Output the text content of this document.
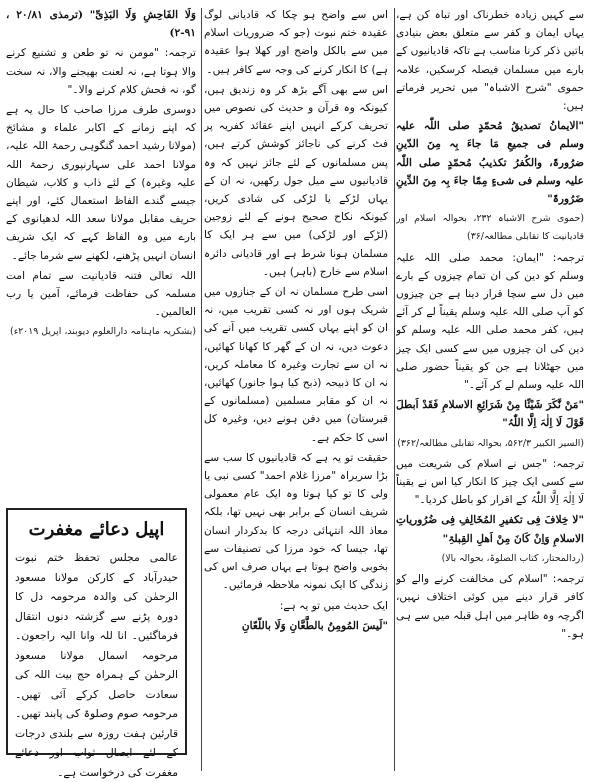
سے کہیں زیادہ خطرناک اور تباہ کن ہے، یہاں ایمان و کفر سے متعلق بعض بنیادی باتیں ذکر کرنا مناسب ہے تاکہ قادیانیوں کے بارے میں مسلمان فیصلہ کرسکیں، علامہ حموی "شرح الاشباہ" میں تحریر فرماتے ہیں:

"الایمانُ تصدیقُ مُحمّدٍ صلی اللّٰہ علیہ وسلم فی جمیعِ مَا جاءَ بِہ مِنَ الدّینِ ضرُورۃً، والکُفرُ تکذیبُ مُحمّدٍ صلی اللّٰہ علیہ وسلم فی شیءٍ مِمّا جاءَ بِہ مِنَ الدِّینِ ضَرُورۃً"

(حموی شرح الاشباہ ۲۳۲، بحوالہ اسلام اور قادیانیت کا تقابلی مطالعہ/۳۶)

ترجمہ: "ایمان: محمد صلی اللہ علیہ وسلم کو دین کی ان تمام چیزوں کے بارے میں دل سے سچا قرار دینا ہے جن چیزوں کو آپ صلی اللہ علیہ وسلم یقیناً لے کر آئے ہیں، کفر محمد صلی اللہ علیہ وسلم کو دین کی ان چیزوں میں سے کسی ایک چیز میں جھٹلانا ہے جن کو یقیناً حضور صلی اللہ علیہ وسلم لے کر آئے۔"

"مَنْ نَّکَرَ شَیْئًا مِنْ شَرَائِعِ الاسلامِ فَقَدْ اَبطلَ قَوْلَ لَا اِلٰہَ اِلَّا اللّٰہُ"

(السیر الکبیر ۵۶۲/۳، بحوالہ تقابلی مطالعہ/۳۶۲)

ترجمہ: "جس نے اسلام کی شریعت میں سے کسی ایک چیز کا انکار کیا اس نے یقیناً لَا اِلٰہَ اِلَّا اللّٰہُ کے اقرار کو باطل کردیا۔"

"لا خِلافَ فِی تکفیرِ المُخَالِفِ فِی ضُرُوریاتِ الاسلامِ وَاِنْ کَانَ مِنْ اَھلِ القِبلۃِ"

(ردالمحتار، کتاب الصلوۃ، بحوالہ بالا)

ترجمہ: "اسلام کی مخالفت کرنے والے کو کافر قرار دینے میں کوئی اختلاف نہیں، اگرچہ وہ ظاہر میں اہل قبلہ میں سے ہی ہو۔"

اس سے واضح ہو چکا کہ قادیانی لوگ عقیدہ ختم نبوت (جو کہ ضروریات اسلام میں سے بالکل واضح اور کھلا ہوا عقیدہ ہے) کا انکار کرنے کی وجہ سے کافر ہیں۔

اس سے بھی آگے بڑھ کر وہ زندیق ہیں، کیونکہ وہ قرآن و حدیث کی نصوص میں تحریف کرکے انہیں اپنے عقائد کفریہ پر فٹ کرنے کی ناجائز کوشش کرتے ہیں، پس مسلمانوں کے لئے جائز نہیں کہ وہ قادیانیوں سے میل جول رکھیں، نہ ان کے یہاں لڑکے یا لڑکی کی شادی کریں، کیونکہ نکاح صحیح ہونے کے لئے زوجین (لڑکے اور لڑکی) میں سے ہر ایک کا مسلمان ہونا شرط ہے اور قادیانی دائرہ اسلام سے خارج (باہر) ہیں۔

اسی طرح مسلمان نہ ان کے جنازوں میں شریک ہوں اور نہ کسی تقریب میں، نہ ان کو اپنے یہاں کسی تقریب میں آنے کی دعوت دیں، نہ ان کے گھر کا کھانا کھائیں، نہ ان سے تجارت وغیرہ کا معاملہ کریں، نہ ان کا ذبیحہ (ذبح کیا ہوا جانور) کھائیں، نہ ان کو مقابر مسلمین (مسلمانوں کے قبرستان) میں دفن ہونے دیں، وغیرہ کل اسی کا حکم ہے۔

حقیقت تو یہ ہے کہ قادیانیوں کا سب سے بڑا سربراہ "مرزا غلام احمد" کسی نبی یا ولی کا تو کیا ہوتا وہ ایک عام معمولی شریف انسان کے برابر بھی نہیں تھا، بلکہ معاذ اللہ انتہائی درجہ کا بدکردار انسان تھا، جیسا کہ خود مرزا کی تصنیفات سے بخوبی واضح ہوتا ہے یہاں صرف اس کی زندگی کا ایک نمونہ ملاحظہ فرمائیں۔

ایک حدیث میں تو یہ ہے:

"لَیسَ المُومِنُ بالطَّعَّانِ وَلَا باللّعّانِ

وَلَا الفَاحِشِ وَلَا البَذِیِّ" (ترمذی ۲۰/۸۱ ، ۹۱-۲)

ترجمہ: "مومن نہ تو طعن و تشنیع کرنے والا ہوتا ہے، نہ لعنت بھیجنے والا، نہ سخت گو، نہ فحش کلام کرنے والا۔"

دوسری طرف مرزا صاحب کا حال یہ ہے کہ اپنے زمانے کے اکابر علماء و مشائخ (مولانا رشید احمد گنگوہی رحمۃ اللہ علیہ، مولانا احمد علی سہارنپوری رحمۃ اللہ علیہ وغیرہ) کے لئے ذاب و کلاب، شیطان جیسے گندے الفاظ استعمال کئے، اور اپنے حریف مقابل مولانا سعد اللہ لدھیانوی کے بارے میں وہ الفاظ کہے کہ ایک شریف انسان انہیں پڑھنے، لکھنے سے شرما جائے۔

اللہ تعالی فتنہ قادیانیت سے تمام امت مسلمہ کی حفاظت فرمائے، آمین یا رب العالمین۔

(بشکریہ ماہنامہ دارالعلوم دیوبند، اپریل ۲۰۱۹ء)

اپیل دعائے مغفرت

عالمی مجلس تحفظ ختم نبوت حیدرآباد کے کارکن مولانا مسعود الرحمٰن کی والدہ مرحومہ دل کا دورہ پڑنے سے گزشتہ دنوں انتقال فرماگئیں۔ انا للہ وانا الیہ راجعون۔ مرحومہ اسمال مولانا مسعود الرحمٰن کے ہمراہ حج بیت اللہ کی سعادت حاصل کرکے آئی تھیں۔ مرحومہ صوم وصلوۃ کی پابند تھیں۔ قارئین ہفت روزہ سے بلندی درجات کے لئے ایصال ثواب اور دعائے مغفرت کی درخواست ہے۔
